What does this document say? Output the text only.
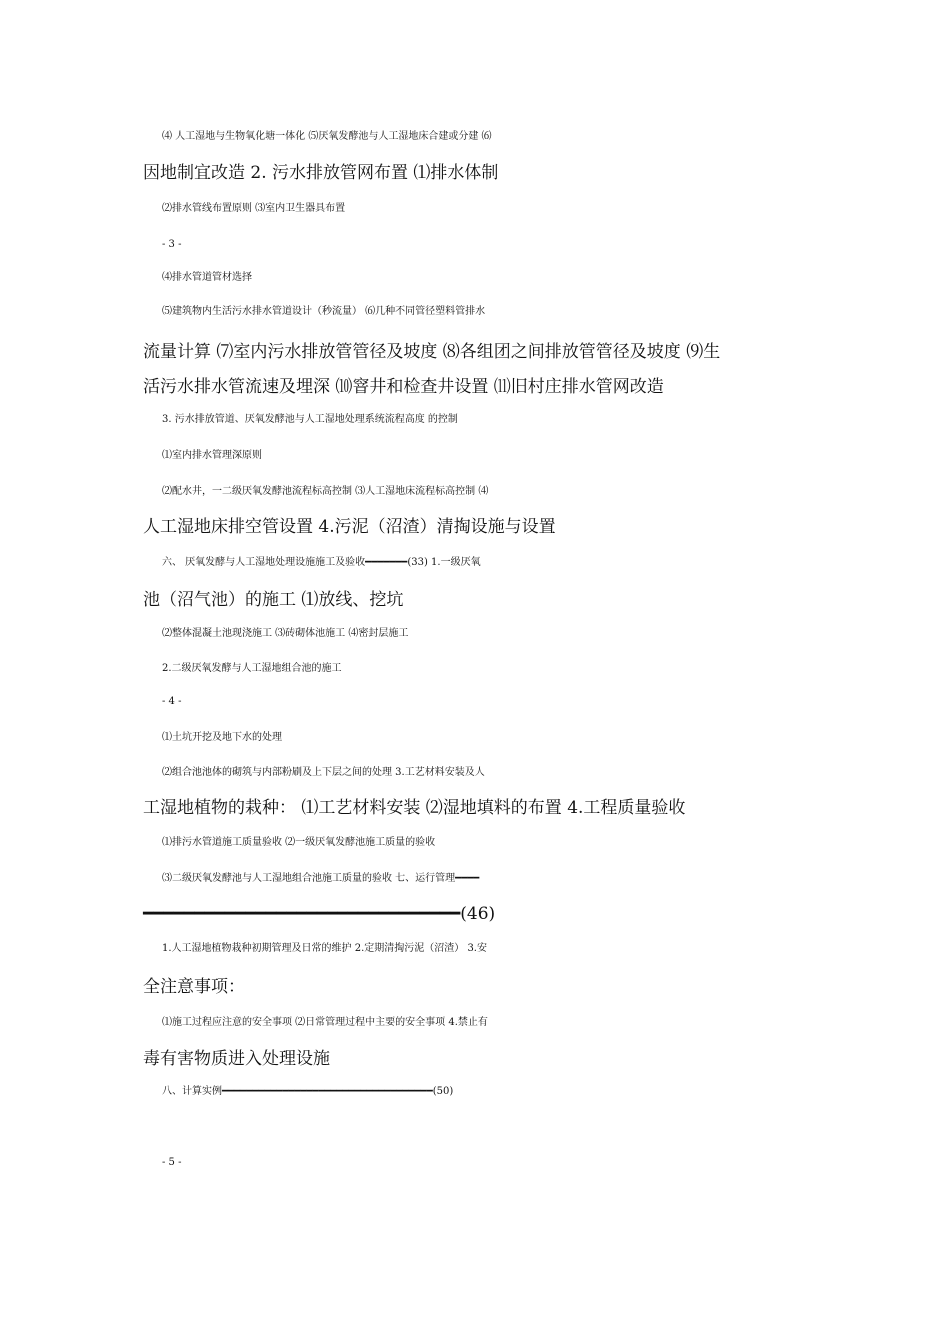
⑷ 人工湿地与生物氧化塘一体化 ⑸厌氧发酵池与人工湿地床合建或分建 ⑹
因地制宜改造 2. 污水排放管网布置 ⑴排水体制
⑵排水管线布置原则 ⑶室内卫生器具布置
- 3 -
⑷排水管道管材选择
⑸建筑物内生活污水排水管道设计（秒流量） ⑹几种不同管径塑料管排水
流量计算 ⑺室内污水排放管管径及坡度 ⑻各组团之间排放管管径及坡度 ⑼生
活污水排水管流速及埋深 ⑽窨井和检查井设置 ⑾旧村庄排水管网改造
3. 污水排放管道、厌氧发酵池与人工湿地处理系统流程高度 的控制
⑴室内排水管理深原则
⑵配水井，一二级厌氧发酵池流程标高控制 ⑶人工湿地床流程标高控制 ⑷
人工湿地床排空管设置 4.污泥（沼渣）清掏设施与设置
六、 厌氧发酵与人工湿地处理设施施工及验收━━━━━━━(33) 1.一级厌氧
池（沼气池）的施工 ⑴放线、挖坑
⑵整体混凝土池现浇施工 ⑶砖砌体池施工 ⑷密封层施工
2.二级厌氧发酵与人工湿地组合池的施工
- 4 -
⑴土坑开挖及地下水的处理
⑵组合池池体的砌筑与内部粉刷及上下层之间的处理 3.工艺材料安装及人
工湿地植物的栽种： ⑴工艺材料安装 ⑵湿地填料的布置 4.工程质量验收
⑴排污水管道施工质量验收 ⑵一级厌氧发酵池施工质量的验收
⑶二级厌氧发酵池与人工湿地组合池施工质量的验收 七、运行管理━━━━
━━━━━━━━━━━━━━━━━━━━━━━━━━━━━━━(46)
1.人工湿地植物栽种初期管理及日常的维护 2.定期清掏污泥（沼渣） 3.安
全注意事项：
⑴施工过程应注意的安全事项 ⑵日常管理过程中主要的安全事项 4.禁止有
毒有害物质进入处理设施
八、计算实例━━━━━━━━━━━━━━━━━━━━━━━━━━━━━━━━━━━(50)
- 5 -
